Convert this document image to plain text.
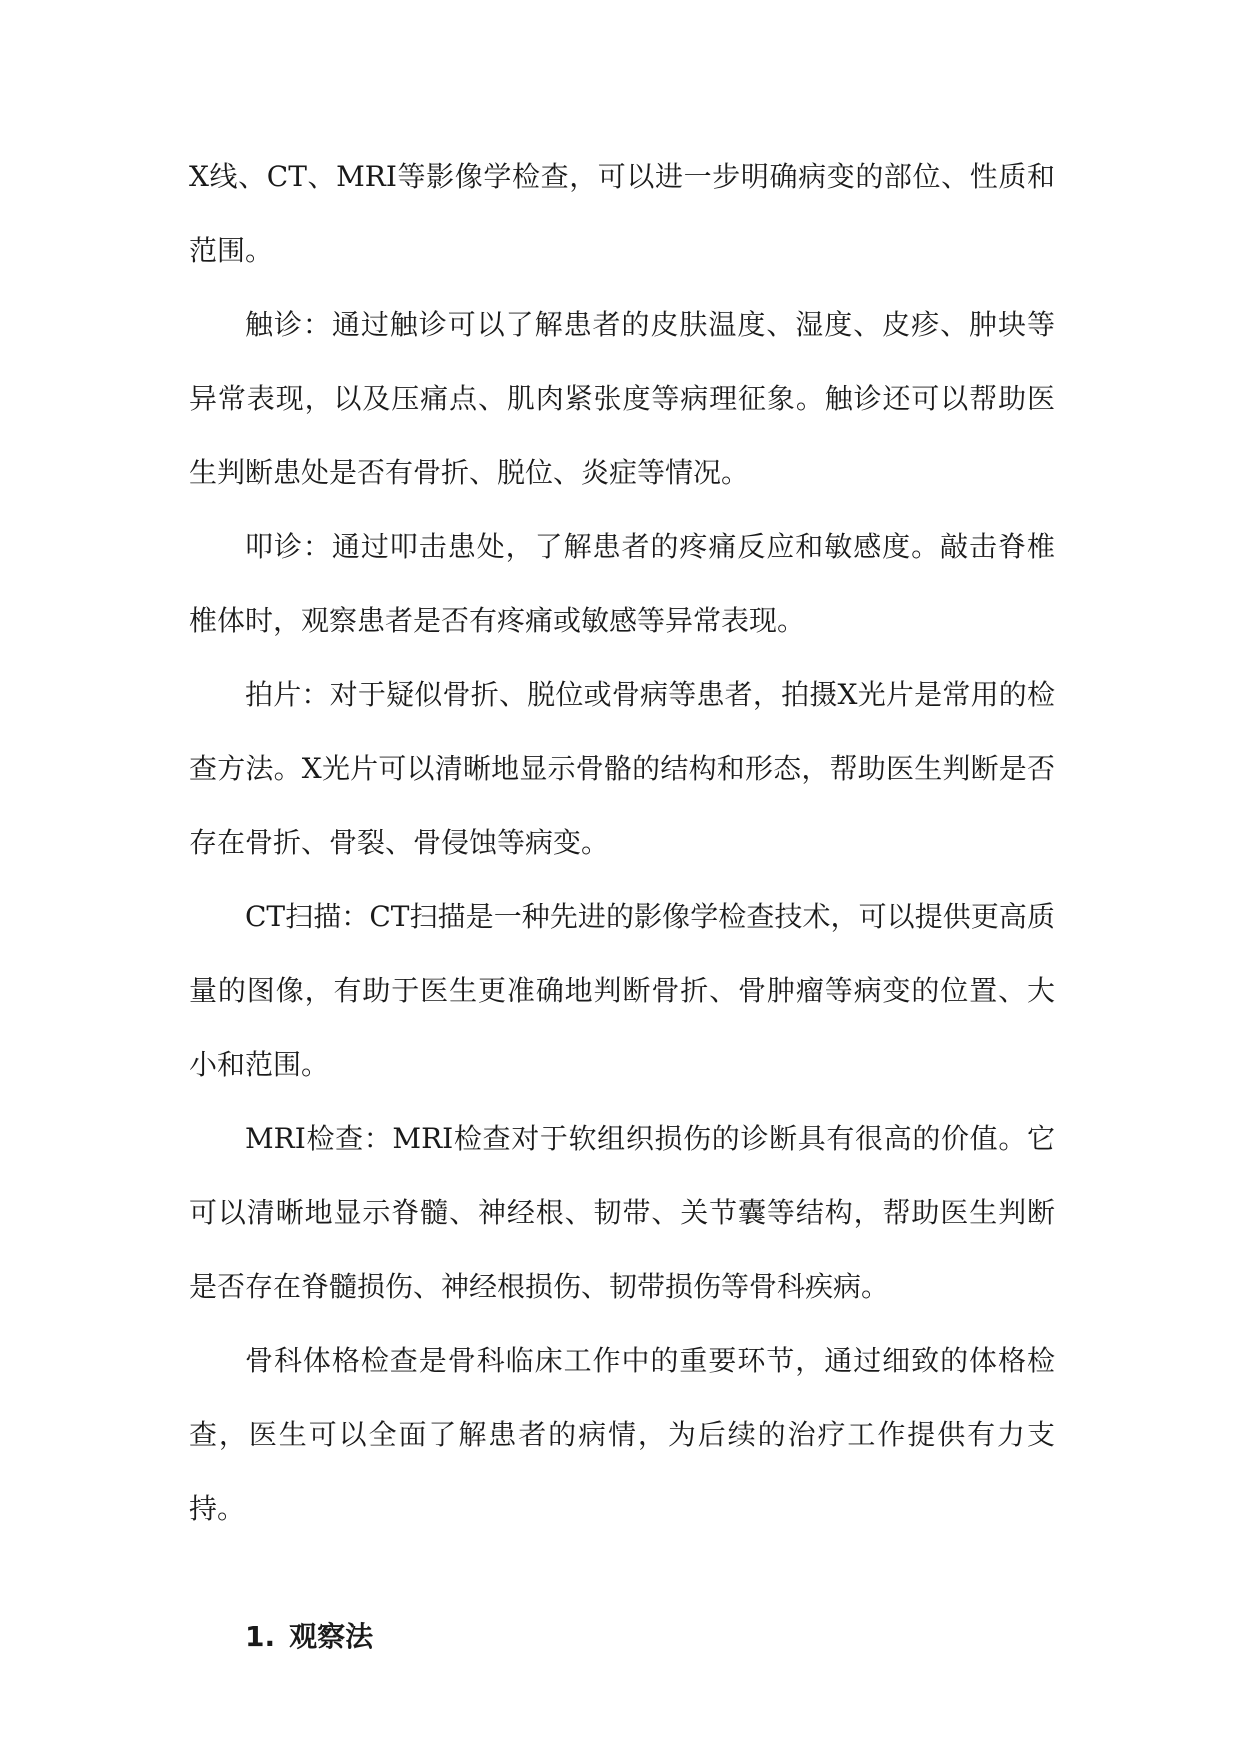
X线、CT、MRI等影像学检查，可以进一步明确病变的部位、性质和范围。

触诊：通过触诊可以了解患者的皮肤温度、湿度、皮疹、肿块等异常表现，以及压痛点、肌肉紧张度等病理征象。触诊还可以帮助医生判断患处是否有骨折、脱位、炎症等情况。

叩诊：通过叩击患处，了解患者的疼痛反应和敏感度。敲击脊椎椎体时，观察患者是否有疼痛或敏感等异常表现。

拍片：对于疑似骨折、脱位或骨病等患者，拍摄X光片是常用的检查方法。X光片可以清晰地显示骨骼的结构和形态，帮助医生判断是否存在骨折、骨裂、骨侵蚀等病变。

CT扫描：CT扫描是一种先进的影像学检查技术，可以提供更高质量的图像，有助于医生更准确地判断骨折、骨肿瘤等病变的位置、大小和范围。

MRI检查：MRI检查对于软组织损伤的诊断具有很高的价值。它可以清晰地显示脊髓、神经根、韧带、关节囊等结构，帮助医生判断是否存在脊髓损伤、神经根损伤、韧带损伤等骨科疾病。

骨科体格检查是骨科临床工作中的重要环节，通过细致的体格检查，医生可以全面了解患者的病情，为后续的治疗工作提供有力支持。

1. 观察法
